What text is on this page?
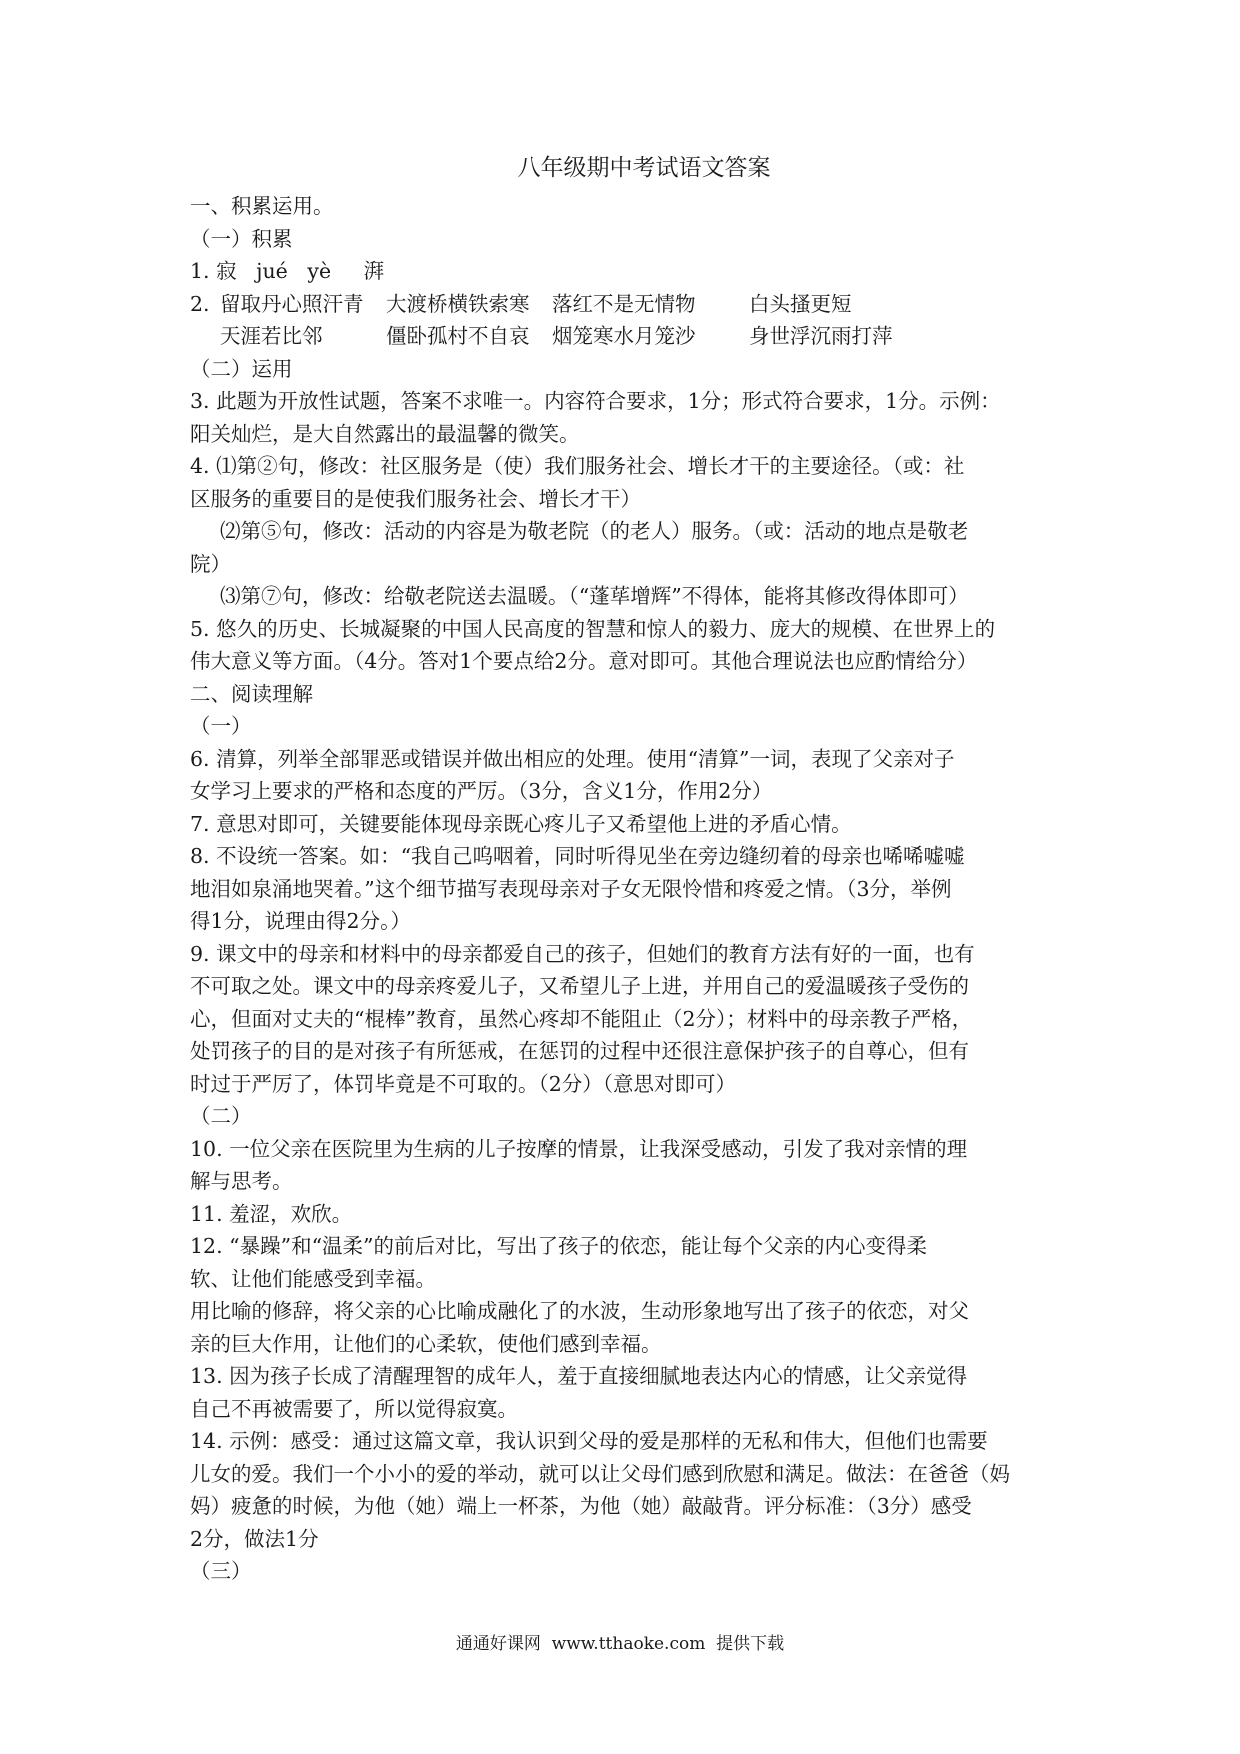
八年级期中考试语文答案

一、积累运用。

（一）积累

1. 寂   jué   yè     湃

2. 留取丹心照汗青	大渡桥横铁索寒	落红不是无情物	白头搔更短
天涯若比邻	僵卧孤村不自哀	烟笼寒水月笼沙	身世浮沉雨打萍

（二）运用

3. 此题为开放性试题，答案不求唯一。内容符合要求，1分；形式符合要求，1分。示例：

阳关灿烂，是大自然露出的最温馨的微笑。

4. ⑴第②句，修改：社区服务是（使）我们服务社会、增长才干的主要途径。（或：社

区服务的重要目的是使我们服务社会、增长才干）

⑵第⑤句，修改：活动的内容是为敬老院（的老人）服务。（或：活动的地点是敬老

院）

⑶第⑦句，修改：给敬老院送去温暖。（“蓬荜增辉”不得体，能将其修改得体即可）

5. 悠久的历史、长城凝聚的中国人民高度的智慧和惊人的毅力、庞大的规模、在世界上的

伟大意义等方面。（4分。答对1个要点给2分。意对即可。其他合理说法也应酌情给分）

二、阅读理解

（一）

6. 清算，列举全部罪恶或错误并做出相应的处理。使用“清算”一词，表现了父亲对子

女学习上要求的严格和态度的严厉。（3分，含义1分，作用2分）

7. 意思对即可，关键要能体现母亲既心疼儿子又希望他上进的矛盾心情。

8. 不设统一答案。如：“我自己呜咽着，同时听得见坐在旁边缝纫着的母亲也唏唏嘘嘘

地泪如泉涌地哭着。”这个细节描写表现母亲对子女无限怜惜和疼爱之情。（3分，举例

得1分，说理由得2分。）

9. 课文中的母亲和材料中的母亲都爱自己的孩子，但她们的教育方法有好的一面，也有

不可取之处。课文中的母亲疼爱儿子，又希望儿子上进，并用自己的爱温暖孩子受伤的

心，但面对丈夫的“棍棒”教育，虽然心疼却不能阻止（2分）；材料中的母亲教子严格，

处罚孩子的目的是对孩子有所惩戒，在惩罚的过程中还很注意保护孩子的自尊心，但有

时过于严厉了，体罚毕竟是不可取的。（2分）（意思对即可）

（二）

10. 一位父亲在医院里为生病的儿子按摩的情景，让我深受感动，引发了我对亲情的理

解与思考。

11. 羞涩，欢欣。

12. “暴躁”和“温柔”的前后对比，写出了孩子的依恋，能让每个父亲的内心变得柔

软、让他们能感受到幸福。

用比喻的修辞，将父亲的心比喻成融化了的水波，生动形象地写出了孩子的依恋，对父

亲的巨大作用，让他们的心柔软，使他们感到幸福。

13. 因为孩子长成了清醒理智的成年人，羞于直接细腻地表达内心的情感，让父亲觉得

自己不再被需要了，所以觉得寂寞。

14. 示例：感受：通过这篇文章，我认识到父母的爱是那样的无私和伟大，但他们也需要

儿女的爱。我们一个小小的爱的举动，就可以让父母们感到欣慰和满足。做法：在爸爸（妈

妈）疲惫的时候，为他（她）端上一杯茶，为他（她）敲敲背。评分标准：（3分）感受

2分，做法1分

（三）

通通好课网  www.tthaoke.com  提供下载
